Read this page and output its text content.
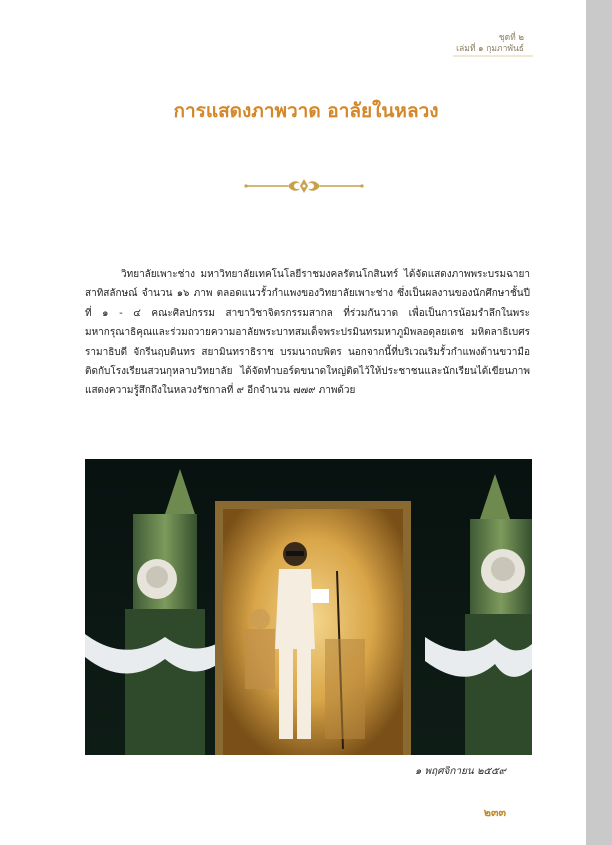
ชุดที่ ๒
เล่มที่ ๑ กุมภาพันธ์
การแสดงภาพวาด อาลัยในหลวง
วิทยาลัยเพาะช่าง มหาวิทยาลัยเทคโนโลยีราชมงคลรัตนโกสินทร์ ได้จัดแสดงภาพพระบรมฉายาสาทิสลักษณ์ จำนวน ๑๖ ภาพ ตลอดแนวรั้วกำแพงของวิทยาลัยเพาะช่าง ซึ่งเป็นผลงานของนักศึกษาชั้นปีที่ ๑ - ๔ คณะศิลปกรรม สาขาวิชาจิตรกรรมสากล ที่ร่วมกันวาด เพื่อเป็นการน้อมรำลึกในพระมหากรุณาธิคุณและร่วมถวายความอาลัยพระบาทสมเด็จพระปรมินทรมหาภูมิพลอดุลยเดช มหิตลาธิเบศรรามาธิบดี จักรีนฤบดินทร สยามินทราธิราช บรมนาถบพิตร นอกจากนี้ที่บริเวณริมรั้วกำแพงด้านขวามือติดกับโรงเรียนสวนกุหลาบวิทยาลัย ได้จัดทำบอร์ดขนาดใหญ่ติดไว้ให้ประชาชนและนักเรียนได้เขียนภาพแสดงความรู้สึกถึงในหลวงรัชกาลที่ ๙ อีกจำนวน ๗๗๙ ภาพด้วย
๑ พฤศจิกายน ๒๕๕๙
๒๓๓
